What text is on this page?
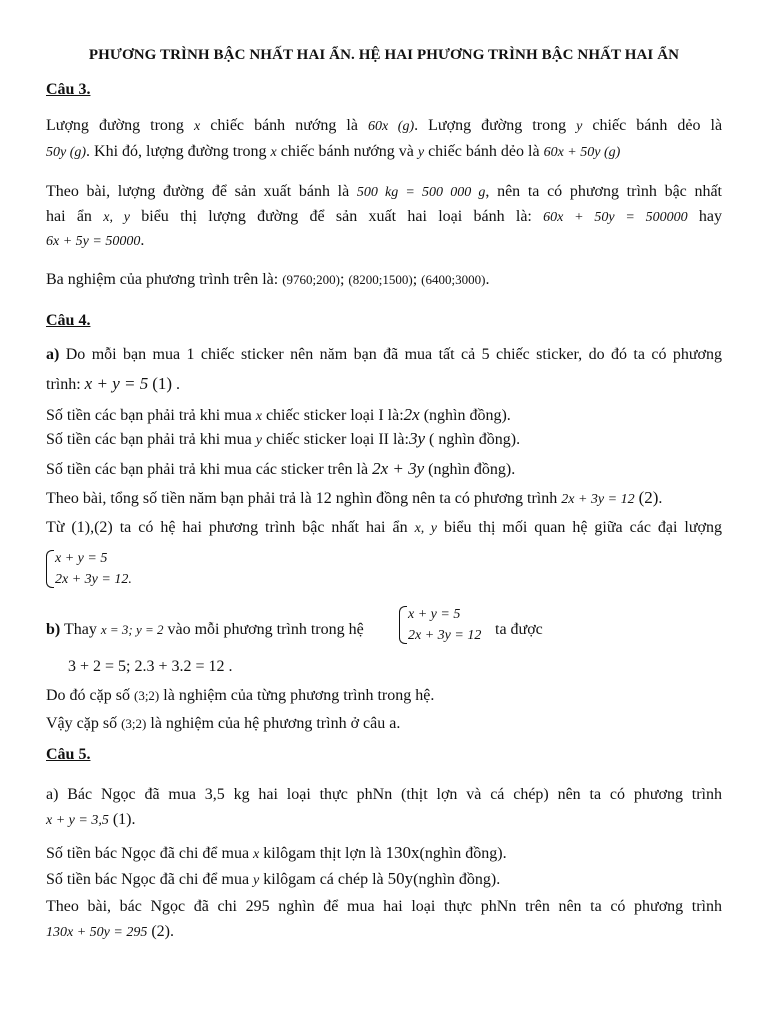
PHƯƠNG TRÌNH BẬC NHẤT HAI ẨN. HỆ HAI PHƯƠNG TRÌNH BẬC NHẤT HAI ẨN
Câu 3.
Lượng đường trong x chiếc bánh nướng là 60x (g). Lượng đường trong y chiếc bánh dẻo là
50y (g). Khi đó, lượng đường trong x chiếc bánh nướng và y chiếc bánh dẻo là 60x + 50y (g)
Theo bài, lượng đường để sản xuất bánh là 500 kg = 500 000 g, nên ta có phương trình bậc nhất
hai ẩn x, y biểu thị lượng đường để sản xuất hai loại bánh là: 60x + 50y = 500000 hay
6x + 5y = 50000.
Ba nghiệm của phương trình trên là: (9760;200); (8200;1500); (6400;3000).
Câu 4.
a) Do mỗi bạn mua 1 chiếc sticker nên năm bạn đã mua tất cả 5 chiếc sticker, do đó ta có phương
trình: x + y = 5 (1) .
Số tiền các bạn phải trả khi mua x chiếc sticker loại I là:2x (nghìn đồng).
Số tiền các bạn phải trả khi mua y chiếc sticker loại II là:3y ( nghìn đồng).
Số tiền các bạn phải trả khi mua các sticker trên là 2x + 3y (nghìn đồng).
Theo bài, tổng số tiền năm bạn phải trả là 12 nghìn đồng nên ta có phương trình 2x + 3y = 12 (2).
Từ (1),(2) ta có hệ hai phương trình bậc nhất hai ẩn x, y biểu thị mối quan hệ giữa các đại lượng
x + y = 5
2x + 3y = 12.
b) Thay x = 3; y = 2 vào mỗi phương trình trong hệ
x + y = 5
2x + 3y = 12 ta được
3 + 2 = 5; 2.3 + 3.2 = 12 .
Do đó cặp số (3;2) là nghiệm của từng phương trình trong hệ.
Vậy cặp số (3;2) là nghiệm của hệ phương trình ở câu a.
Câu 5.
a) Bác Ngọc đã mua 3,5 kg hai loại thực phNn (thịt lợn và cá chép) nên ta có phương trình
x + y = 3,5 (1).
Số tiền bác Ngọc đã chi để mua x kilôgam thịt lợn là 130x(nghìn đồng).
Số tiền bác Ngọc đã chi để mua y kilôgam cá chép là 50y(nghìn đồng).
Theo bài, bác Ngọc đã chi 295 nghìn để mua hai loại thực phNn trên nên ta có phương trình
130x + 50y = 295 (2).
